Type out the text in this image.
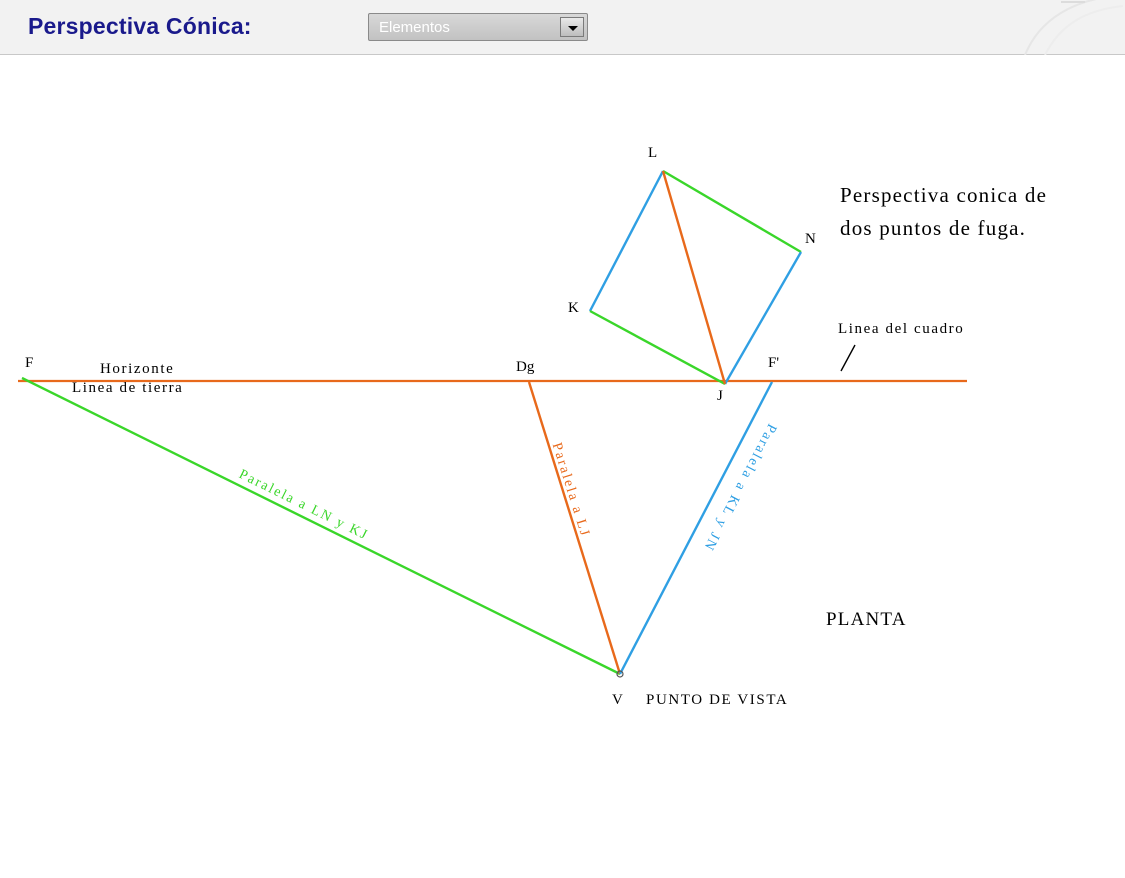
Perspectiva Cónica:	Elementos
L
N
K
J
F	F'
Dg
V
Horizonte
Linea de tierra
Linea del cuadro
Perspectiva conica de
dos puntos de fuga.
PLANTA
PUNTO DE VISTA
Paralela a LN y KJ	Paralela a LJ	Paralela a KL y JN
